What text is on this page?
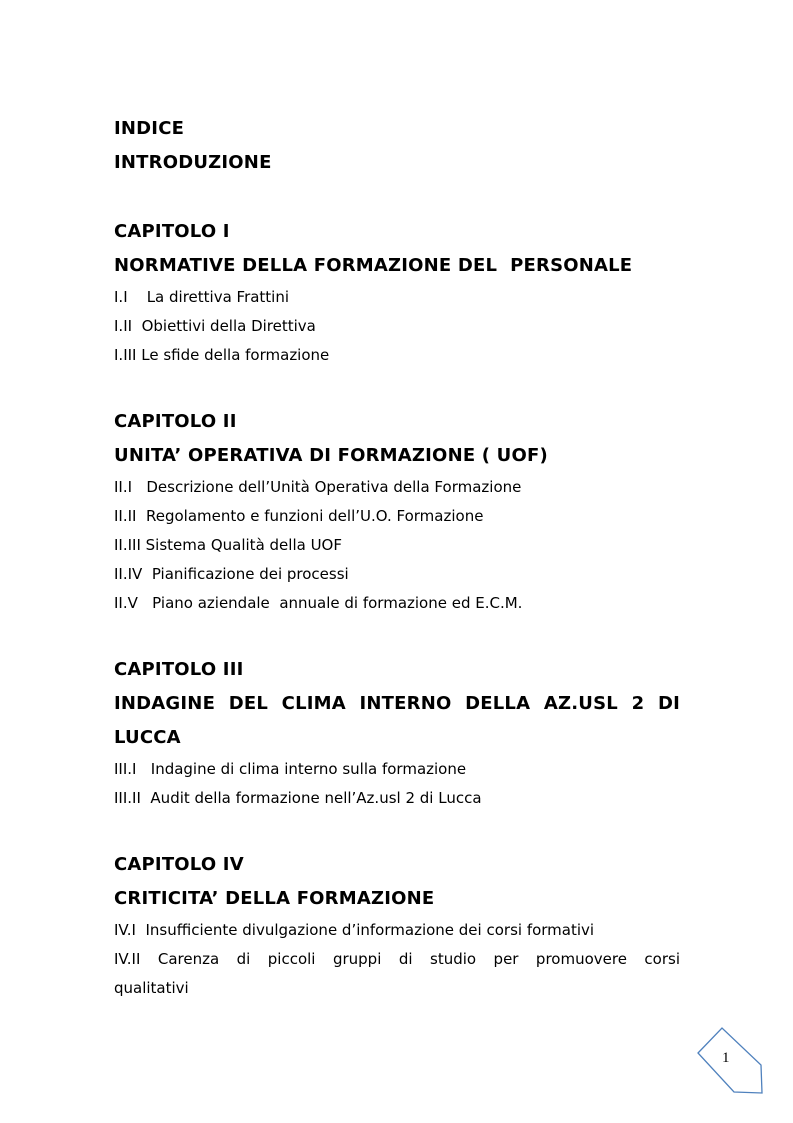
INDICE

INTRODUZIONE

CAPITOLO I

NORMATIVE DELLA FORMAZIONE DEL  PERSONALE

I.I    La direttiva Frattini

I.II  Obiettivi della Direttiva

I.III Le sfide della formazione

CAPITOLO II

UNITA’ OPERATIVA DI FORMAZIONE ( UOF)

II.I   Descrizione dell’Unità Operativa della Formazione

II.II  Regolamento e funzioni dell’U.O. Formazione

II.III Sistema Qualità della UOF

II.IV  Pianificazione dei processi

II.V   Piano aziendale  annuale di formazione ed E.C.M.

CAPITOLO III

INDAGINE DEL CLIMA INTERNO DELLA AZ.USL 2 DI

LUCCA

III.I   Indagine di clima interno sulla formazione

III.II  Audit della formazione nell’Az.usl 2 di Lucca

CAPITOLO IV

CRITICITA’ DELLA FORMAZIONE

IV.I  Insufficiente divulgazione d’informazione dei corsi formativi

IV.II Carenza di piccoli gruppi di studio per promuovere corsi

qualitativi

1
